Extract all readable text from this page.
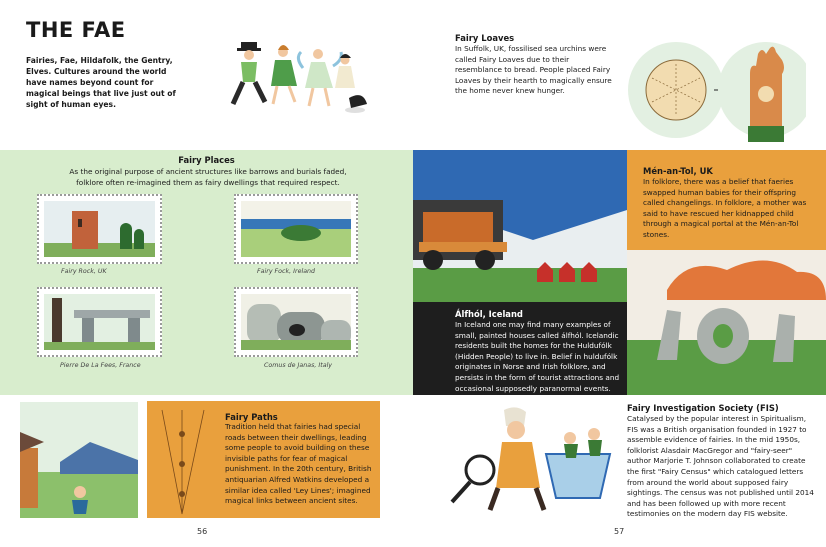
THE FAE
Fairies, Fae, Hildafolk, the Gentry, Elves. Cultures around the world have names beyond count for magical beings that live just out of sight of human eyes.
Fairy Places
As the original purpose of ancient structures like barrows and burials faded, folklore often re-imagined them as fairy dwellings that required respect.
Fairy Rock, UK	Fairy Fock, Ireland
Pierre De La Fees, France	Comus de Janas, Italy
Fairy Paths
Tradition held that fairies had special roads between their dwellings, leading some people to avoid building on these invisible paths for fear of magical punishment. In the 20th century, British antiquarian Alfred Watkins developed a similar idea called 'Ley Lines'; imagined magical links between ancient sites.
56
Fairy Loaves
In Suffolk, UK, fossilised sea urchins were called Fairy Loaves due to their resemblance to bread. People placed Fairy Loaves by their hearth to magically ensure the home never knew hunger.
Álfhól, Iceland
In Iceland one may find many examples of small, painted houses called álfhól. Icelandic residents built the homes for the Huldufólk (Hidden People) to live in. Belief in huldufólk originates in Norse and Irish folklore, and persists in the form of tourist attractions and occasional supposedly paranormal events.
Mén-an-Tol, UK
In folklore, there was a belief that faeries swapped human babies for their offspring called changelings. In folklore, a mother was said to have rescued her kidnapped child through a magical portal at the Mén-an-Tol stones.
Fairy Investigation Society (FIS)
Catalysed by the popular interest in Spiritualism, FIS was a British organisation founded in 1927 to assemble evidence of fairies. In the mid 1950s, folklorist Alasdair MacGregor and "fairy-seer" author Marjorie T. Johnson collaborated to create the first "Fairy Census" which catalogued letters from around the world about supposed fairy sightings. The census was not published until 2014 and has been followed up with more recent testimonies on the modern day FIS website.
57
